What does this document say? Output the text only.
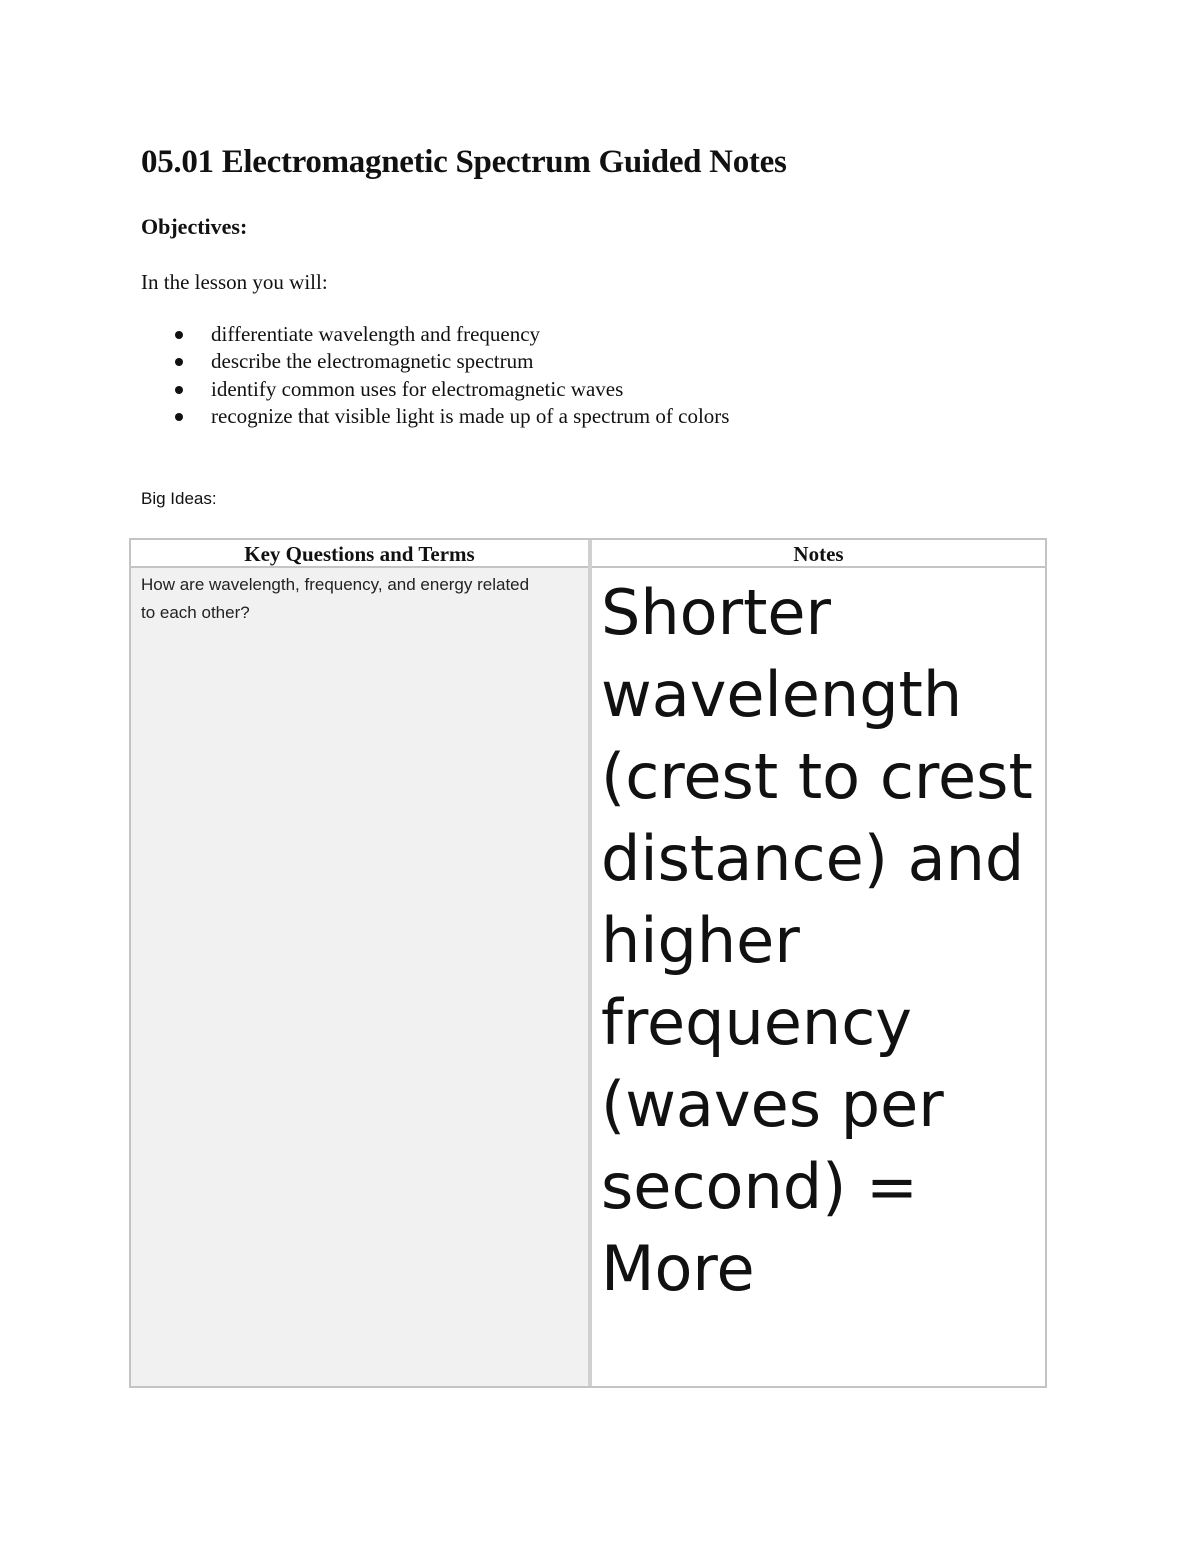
05.01 Electromagnetic Spectrum Guided Notes
Objectives:

In the lesson you will:

differentiate wavelength and frequency
describe the electromagnetic spectrum
identify common uses for electromagnetic waves
recognize that visible light is made up of a spectrum of colors

Big Ideas:

Key Questions and Terms	Notes

How are wavelength, frequency, and energy related to each other?	Shorter wavelength (crest to crest distance) and higher frequency (waves per second) = More
